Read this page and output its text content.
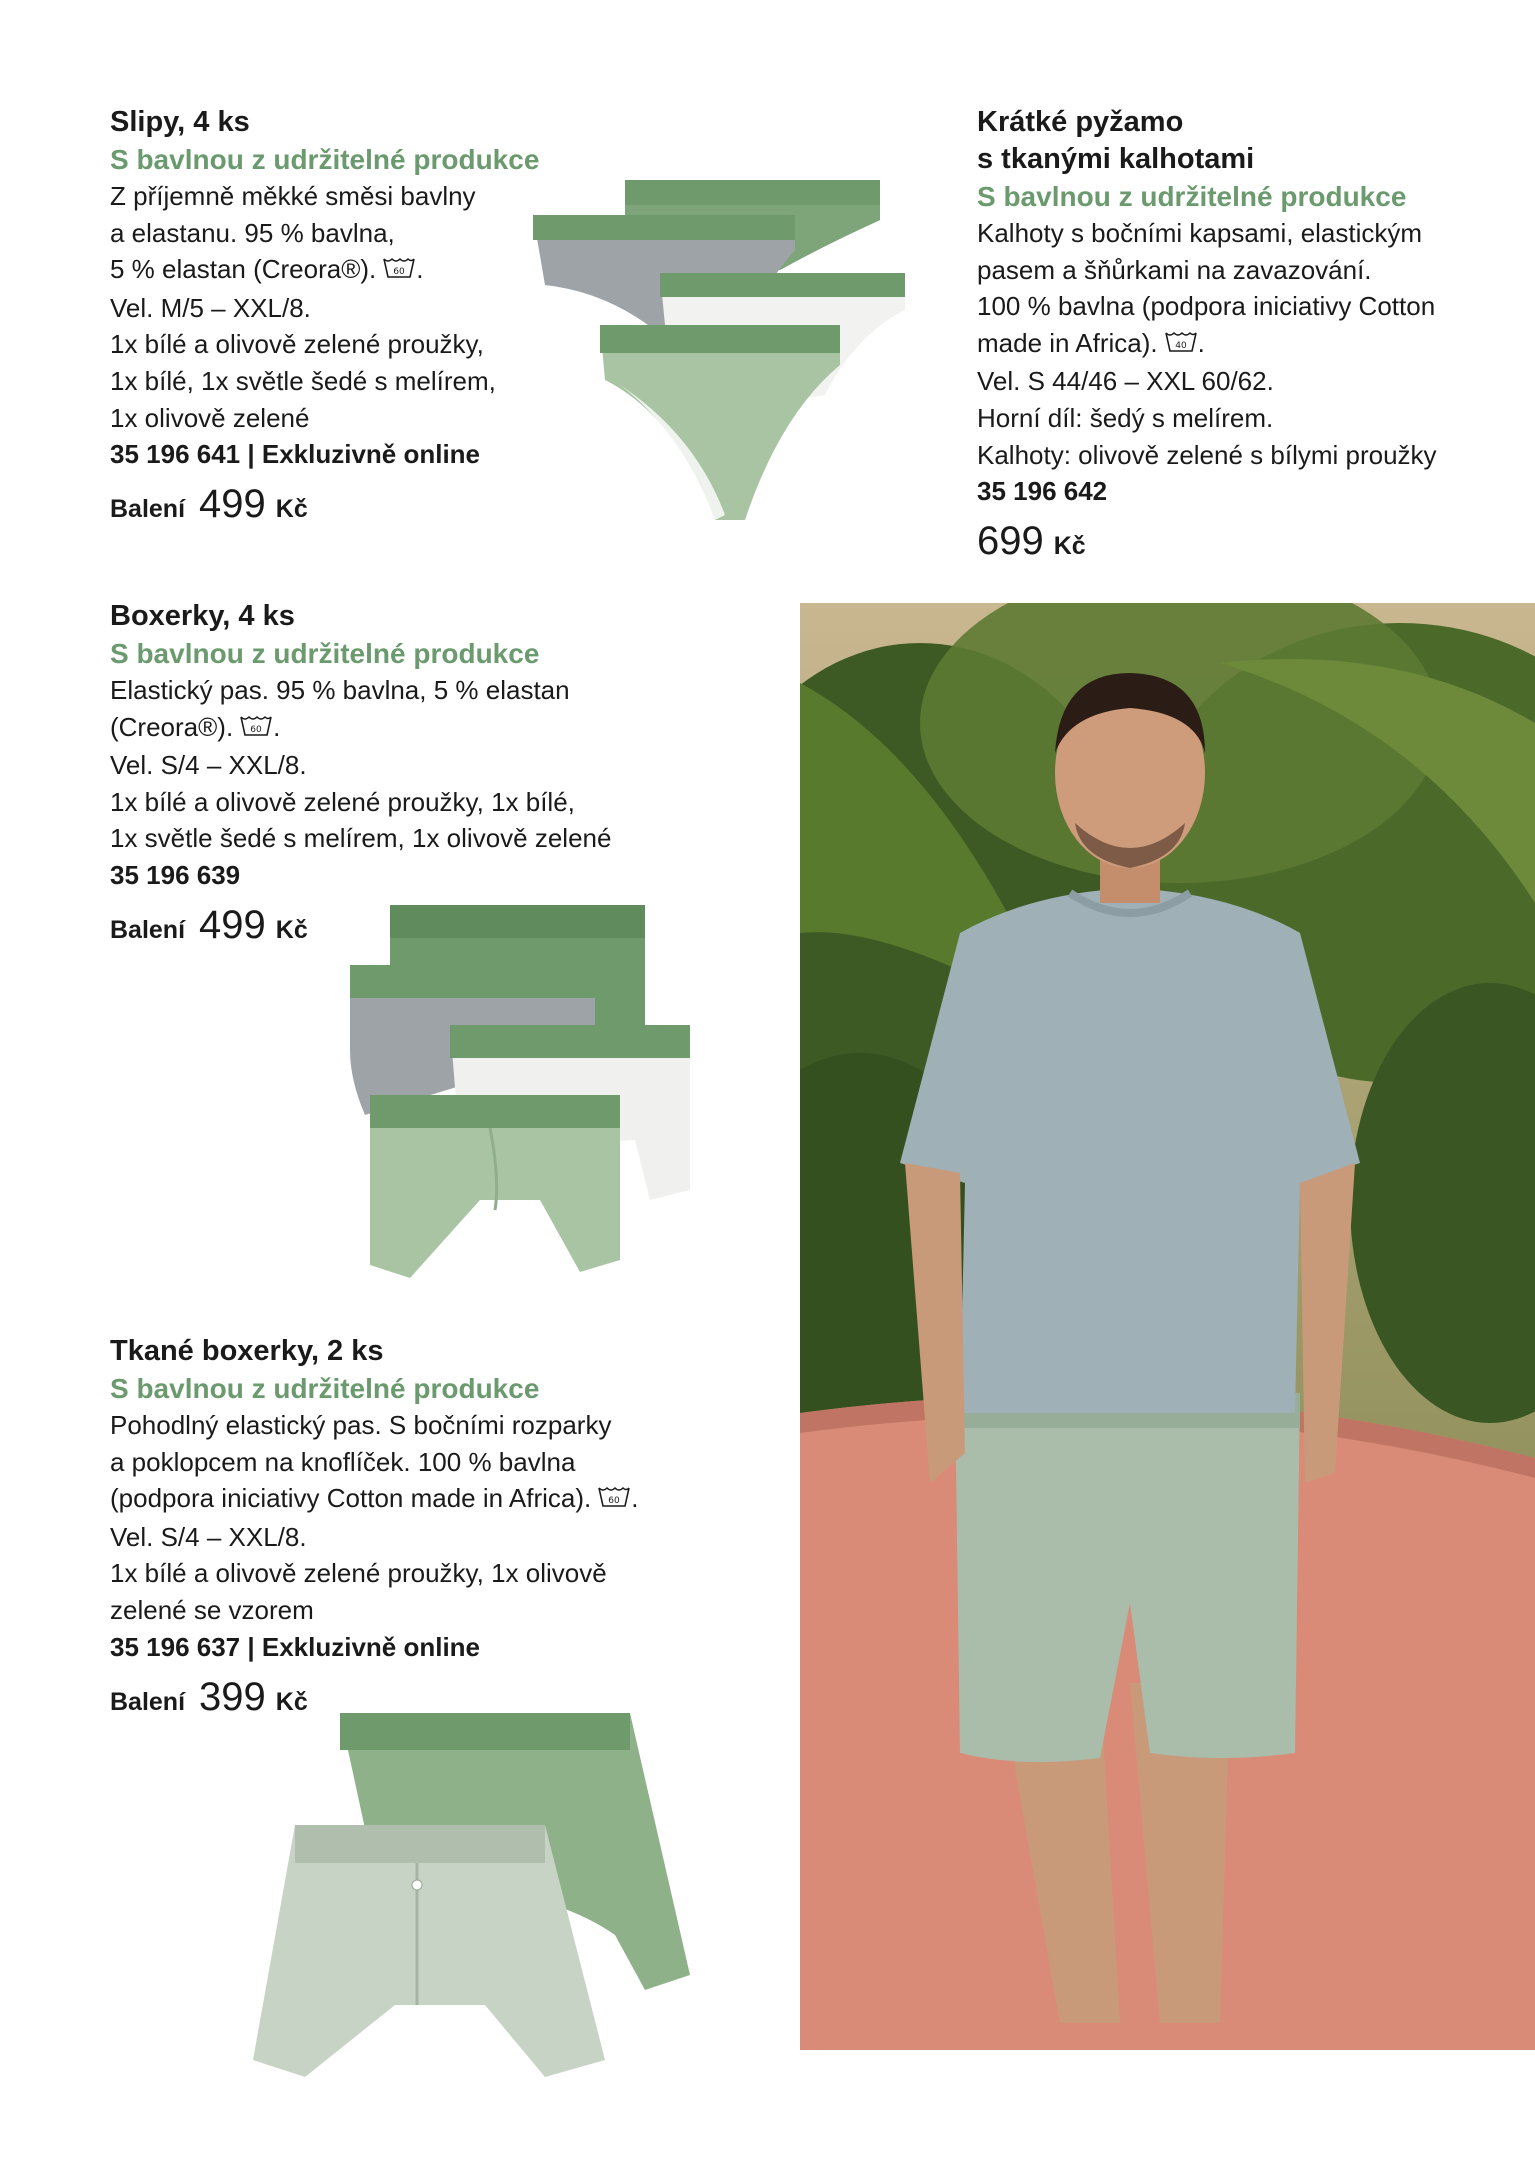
Slipy, 4 ks
S bavlnou z udržitelné produkce
Z příjemně měkké směsi bavlny
a elastanu. 95 % bavlna,
5 % elastan (Creora®). 60 .
Vel. M/5 – XXL/8.
1x bílé a olivově zelené proužky,
1x bílé, 1x světle šedé s melírem,
1x olivově zelené
35 196 641 | Exkluzivně online
Balení 499 Kč
Krátké pyžamo
s tkanými kalhotami
S bavlnou z udržitelné produkce
Kalhoty s bočními kapsami, elastickým
pasem a šňůrkami na zavazování.
100 % bavlna (podpora iniciativy Cotton
made in Africa). 40 .
Vel. S 44/46 – XXL 60/62.
Horní díl: šedý s melírem.
Kalhoty: olivově zelené s bílymi proužky
35 196 642
699 Kč
Boxerky, 4 ks
S bavlnou z udržitelné produkce
Elastický pas. 95 % bavlna, 5 % elastan
(Creora®). 60 .
Vel. S/4 – XXL/8.
1x bílé a olivově zelené proužky, 1x bílé,
1x světle šedé s melírem, 1x olivově zelené
35 196 639
Balení 499 Kč
Tkané boxerky, 2 ks
S bavlnou z udržitelné produkce
Pohodlný elastický pas. S bočními rozparky
a poklopcem na knoflíček. 100 % bavlna
(podpora iniciativy Cotton made in Africa). 60 .
Vel. S/4 – XXL/8.
1x bílé a olivově zelené proužky, 1x olivově
zelené se vzorem
35 196 637 | Exkluzivně online
Balení 399 Kč
